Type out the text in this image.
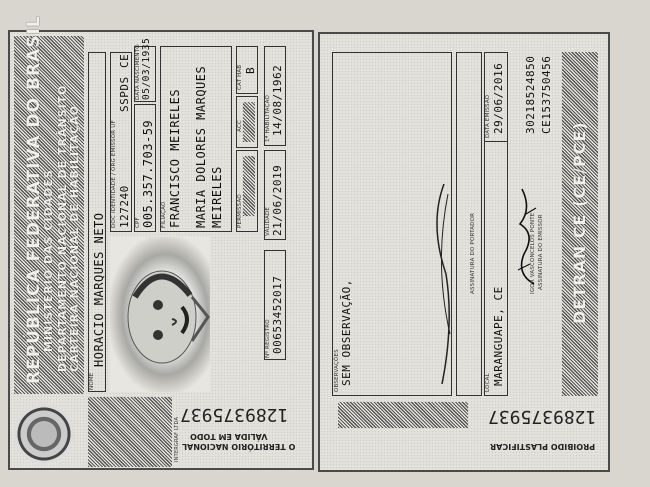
REPÚBLICA FEDERATIVA DO BRASIL
MINISTÉRIO DAS CIDADES DEPARTAMENTO NACIONAL DE TRÂNSITO CARTEIRA NACIONAL DE HABILITAÇÃO
NOME
HORACIO MARQUES NETO
DOC IDENTIDADE / ORG EMISSOR UF 127240
SSPDS
CE
CPF 005.357.703-59
DATA NASCIMENTO 05/03/1935
FILIAÇÃO FRANCISCO MEIRELES MARIA DOLORES MARQUES MEIRELES PERMISSÃO
ACC
CAT HAB B
Nº REGISTRO 00653452017
VALIDADE 21/06/2019
1ª HABILITAÇÃO 14/08/1962
1289375937
VÁLIDA EM TODO
O TERRITÓRIO NACIONAL
INTERGRAF LTDA
OBSERVAÇÕES SEM OBSERVAÇÃO,
ASSINATURA DO PORTADOR
LOCAL MARANGUAPE, CE
DATA EMISSÃO 29/06/2016
IGOR VASCONCELOS PONTE ASSINATURA DO EMISSOR
30218524850 CE153750456
DETRAN CE (CE/PCE)
1289375937
PROIBIDO PLASTIFICAR
